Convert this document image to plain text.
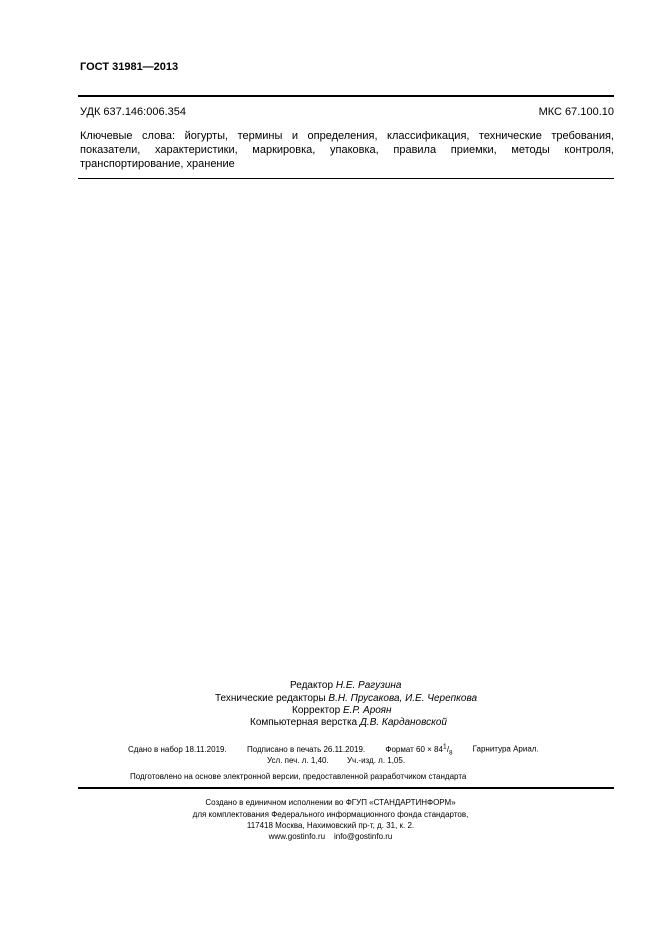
ГОСТ 31981—2013
УДК 637.146:006.354	МКС 67.100.10
Ключевые слова: йогурты, термины и определения, классификация, технические требования, показатели, характеристики, маркировка, упаковка, правила приемки, методы контроля, транспортирование, хранение
Редактор Н.Е. Рагузина
Технические редакторы В.Н. Прусакова, И.Е. Черепкова
Корректор Е.Р. Ароян
Компьютерная верстка Д.В. Кардановской
Сдано в набор 18.11.2019.	Подписано в печать 26.11.2019.	Формат $60 \times 84^1/_8$	Гарнитура Ариал.
Усл. печ. л. 1,40. Уч.-изд. л. 1,05.
Подготовлено на основе электронной версии, предоставленной разработчиком стандарта
Создано в единичном исполнении во ФГУП «СТАНДАРТИНФОРМ»
для комплектования Федерального информационного фонда стандартов,
117418 Москва, Нахимовский пр-т, д. 31, к. 2.
www.gostinfo.ru    info@gostinfo.ru
